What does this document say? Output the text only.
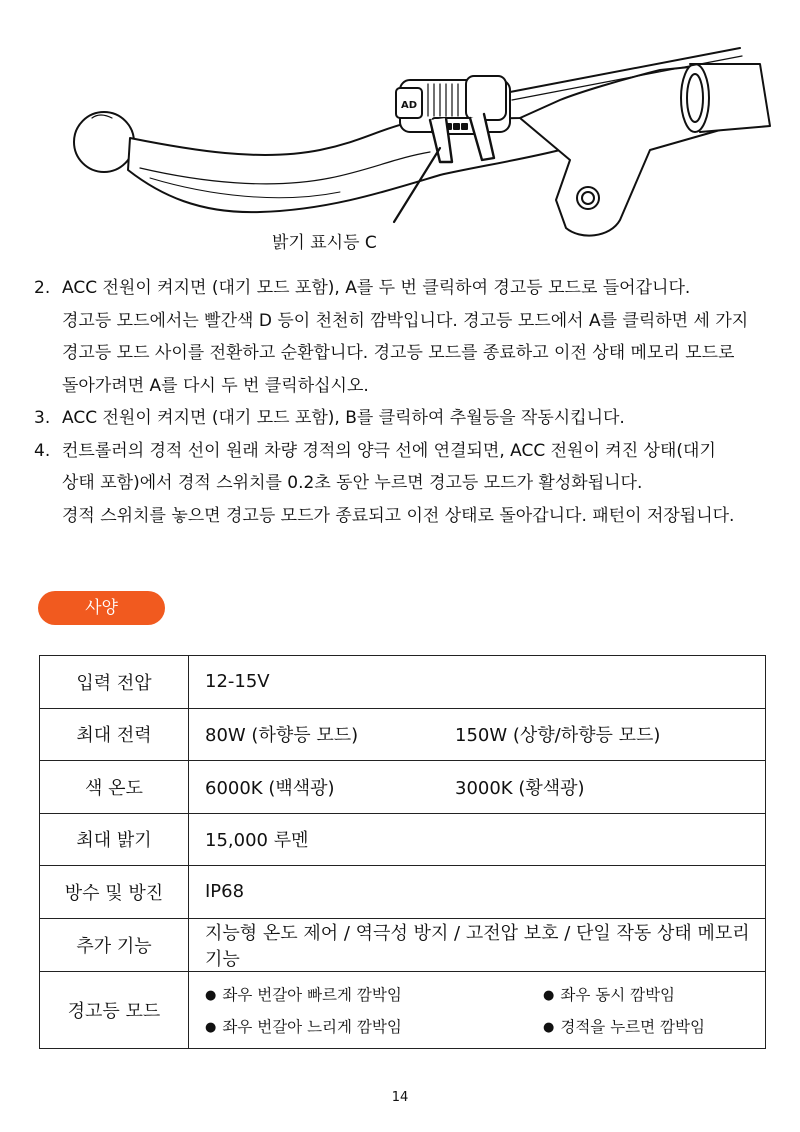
AD
밝기 표시등 C
2. ACC 전원이 켜지면 (대기 모드 포함), A를 두 번 클릭하여 경고등 모드로 들어갑니다.
경고등 모드에서는 빨간색 D 등이 천천히 깜박입니다. 경고등 모드에서 A를 클릭하면 세 가지
경고등 모드 사이를 전환하고 순환합니다. 경고등 모드를 종료하고 이전 상태 메모리 모드로
돌아가려면 A를 다시 두 번 클릭하십시오.
3. ACC 전원이 켜지면 (대기 모드 포함), B를 클릭하여 추월등을 작동시킵니다.
4. 컨트롤러의 경적 선이 원래 차량 경적의 양극 선에 연결되면, ACC 전원이 켜진 상태(대기
상태 포함)에서 경적 스위치를 0.2초 동안 누르면 경고등 모드가 활성화됩니다.
경적 스위치를 놓으면 경고등 모드가 종료되고 이전 상태로 돌아갑니다. 패턴이 저장됩니다.
사양
입력 전압	12-15V
최대 전력	80W (하향등 모드) 150W (상향/하향등 모드)

색 온도	6000K (백색광) 3000K (황색광)

최대 밝기	15,000 루멘
방수 및 방진	IP68
추가 기능	지능형 온도 제어 / 역극성 방지 / 고전압 보호 / 단일 작동 상태 메모리 기능
경고등 모드	● 좌우 번갈아 빠르게 깜박임 ● 좌우 동시 깜박임
● 좌우 번갈아 느리게 깜박임 ● 경적을 누르면 깜박임
14
